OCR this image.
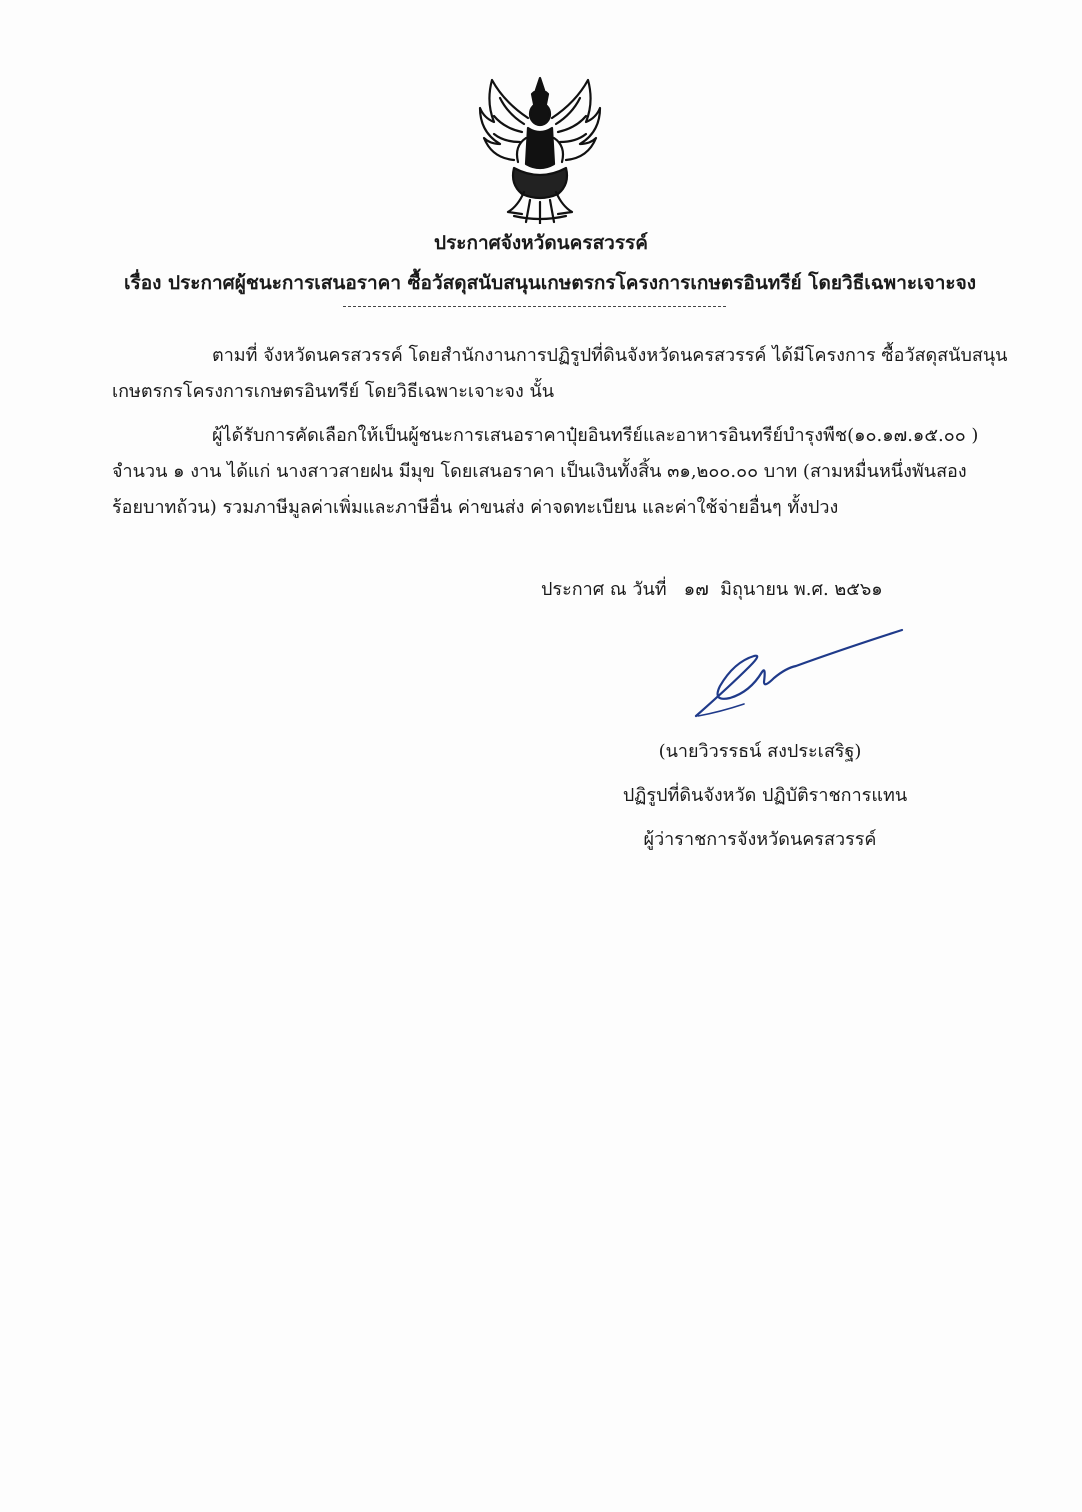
ประกาศจังหวัดนครสวรรค์
เรื่อง ประกาศผู้ชนะการเสนอราคา ซื้อวัสดุสนับสนุนเกษตรกรโครงการเกษตรอินทรีย์ โดยวิธีเฉพาะเจาะจง
ตามที่ จังหวัดนครสวรรค์ โดยสำนักงานการปฏิรูปที่ดินจังหวัดนครสวรรค์ ได้มีโครงการ ซื้อวัสดุสนับสนุน
เกษตรกรโครงการเกษตรอินทรีย์ โดยวิธีเฉพาะเจาะจง นั้น
ผู้ได้รับการคัดเลือกให้เป็นผู้ชนะการเสนอราคาปุ๋ยอินทรีย์และอาหารอินทรีย์บำรุงพืช(๑๐.๑๗.๑๕.๐๐ )
จำนวน ๑ งาน ได้แก่ นางสาวสายฝน มีมุข โดยเสนอราคา เป็นเงินทั้งสิ้น ๓๑,๒๐๐.๐๐ บาท (สามหมื่นหนึ่งพันสอง
ร้อยบาทถ้วน) รวมภาษีมูลค่าเพิ่มและภาษีอื่น ค่าขนส่ง ค่าจดทะเบียน และค่าใช้จ่ายอื่นๆ ทั้งปวง
ประกาศ ณ วันที่   ๑๗  มิถุนายน พ.ศ. ๒๕๖๑
(นายวิวรรธน์ สงประเสริฐ)
ปฏิรูปที่ดินจังหวัด ปฏิบัติราชการแทน
ผู้ว่าราชการจังหวัดนครสวรรค์
